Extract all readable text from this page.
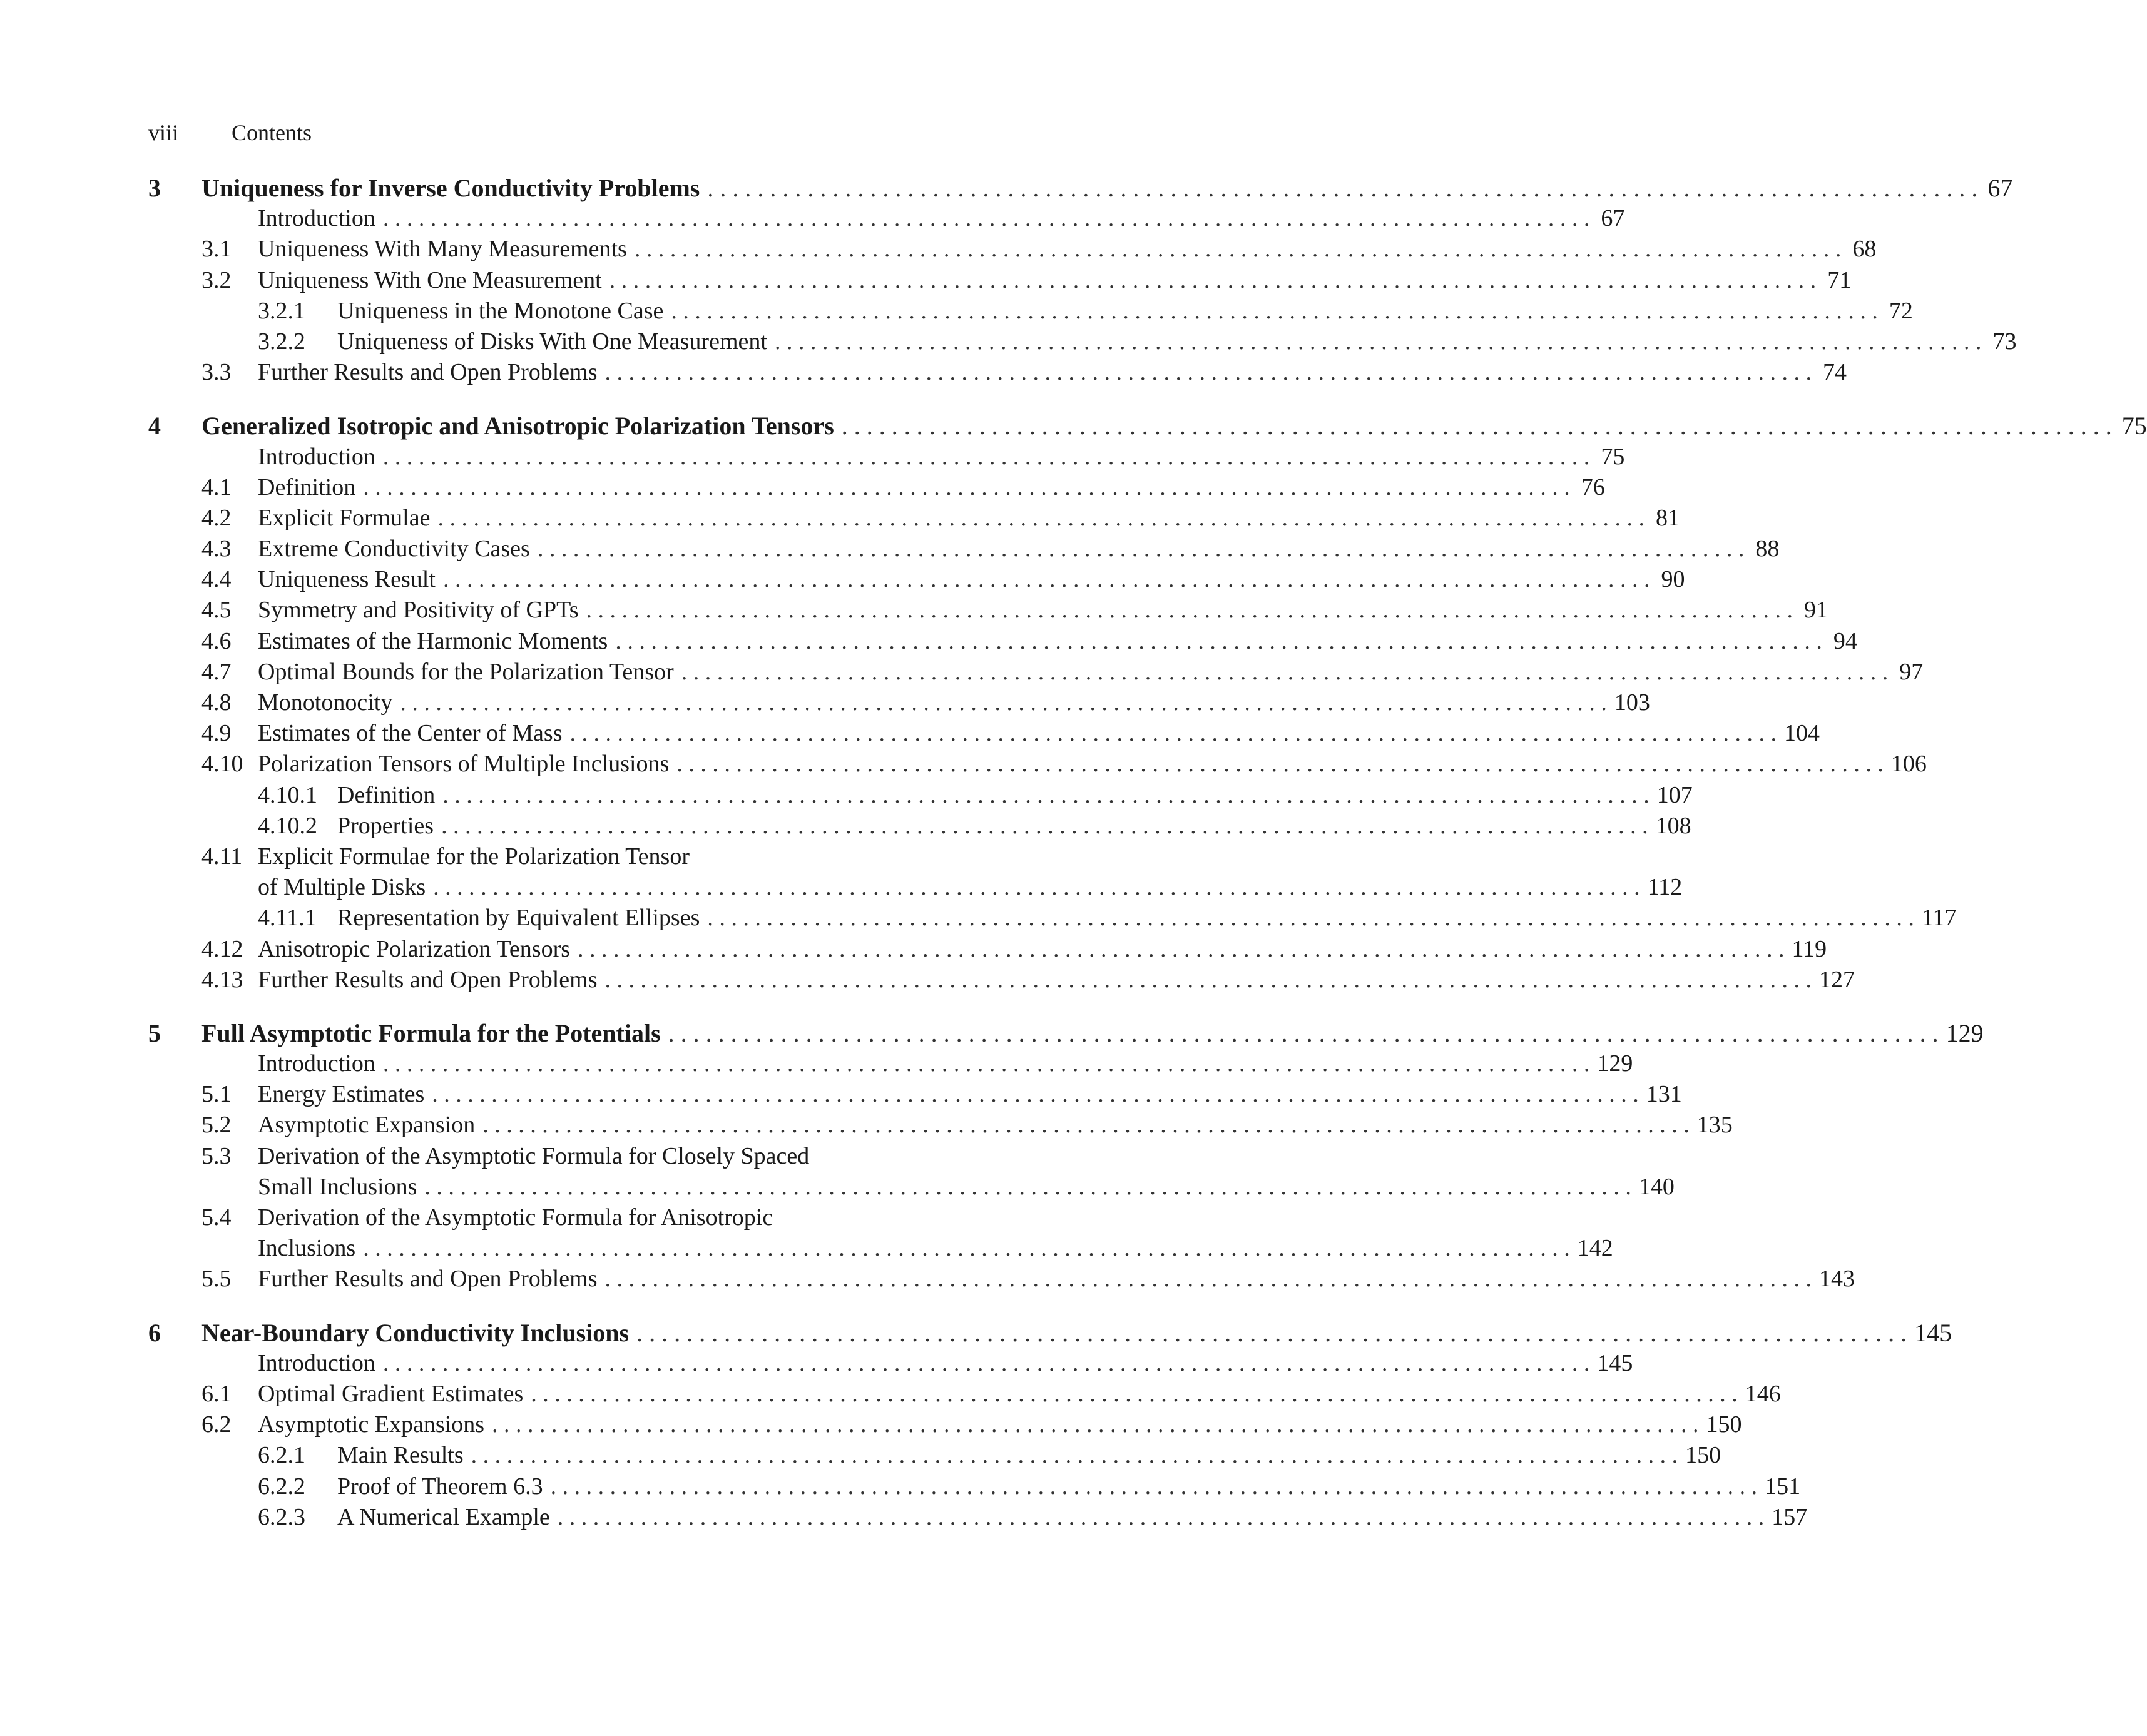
viii Contents
3	Uniqueness for Inverse Conductivity Problems . . .	67
Introduction . . .	67
3.1	Uniqueness With Many Measurements . . .	68
3.2	Uniqueness With One Measurement . . .	71
3.2.1	Uniqueness in the Monotone Case . . .	72
3.2.2	Uniqueness of Disks With One Measurement . . .	73
3.3	Further Results and Open Problems . . .	74
4	Generalized Isotropic and Anisotropic Polarization Tensors . . .	75
Introduction . . .	75
4.1	Definition . . .	76
4.2	Explicit Formulae . . .	81
4.3	Extreme Conductivity Cases . . .	88
4.4	Uniqueness Result . . .	90
4.5	Symmetry and Positivity of GPTs . . .	91
4.6	Estimates of the Harmonic Moments . . .	94
4.7	Optimal Bounds for the Polarization Tensor . . .	97
4.8	Monotonocity . . .	103
4.9	Estimates of the Center of Mass . . .	104
4.10 Polarization Tensors of Multiple Inclusions . . .	106
4.10.1 Definition . . .	107
4.10.2 Properties . . .	108
4.11 Explicit Formulae for the Polarization Tensor
of Multiple Disks . . .	112
4.11.1 Representation by Equivalent Ellipses . . .	117
4.12 Anisotropic Polarization Tensors . . .	119
4.13 Further Results and Open Problems . . .	127
5	Full Asymptotic Formula for the Potentials . . .	129
Introduction . . .	129
5.1	Energy Estimates . . .	131
5.2	Asymptotic Expansion . . .	135
5.3	Derivation of the Asymptotic Formula for Closely Spaced
Small Inclusions . . .	140
5.4	Derivation of the Asymptotic Formula for Anisotropic
Inclusions . . .	142
5.5	Further Results and Open Problems . . .	143
6	Near-Boundary Conductivity Inclusions . . .	145
Introduction . . .	145
6.1	Optimal Gradient Estimates . . .	146
6.2	Asymptotic Expansions . . .	150
6.2.1	Main Results . . .	150
6.2.2	Proof of Theorem 6.3 . . .	151
6.2.3	A Numerical Example . . .	157
